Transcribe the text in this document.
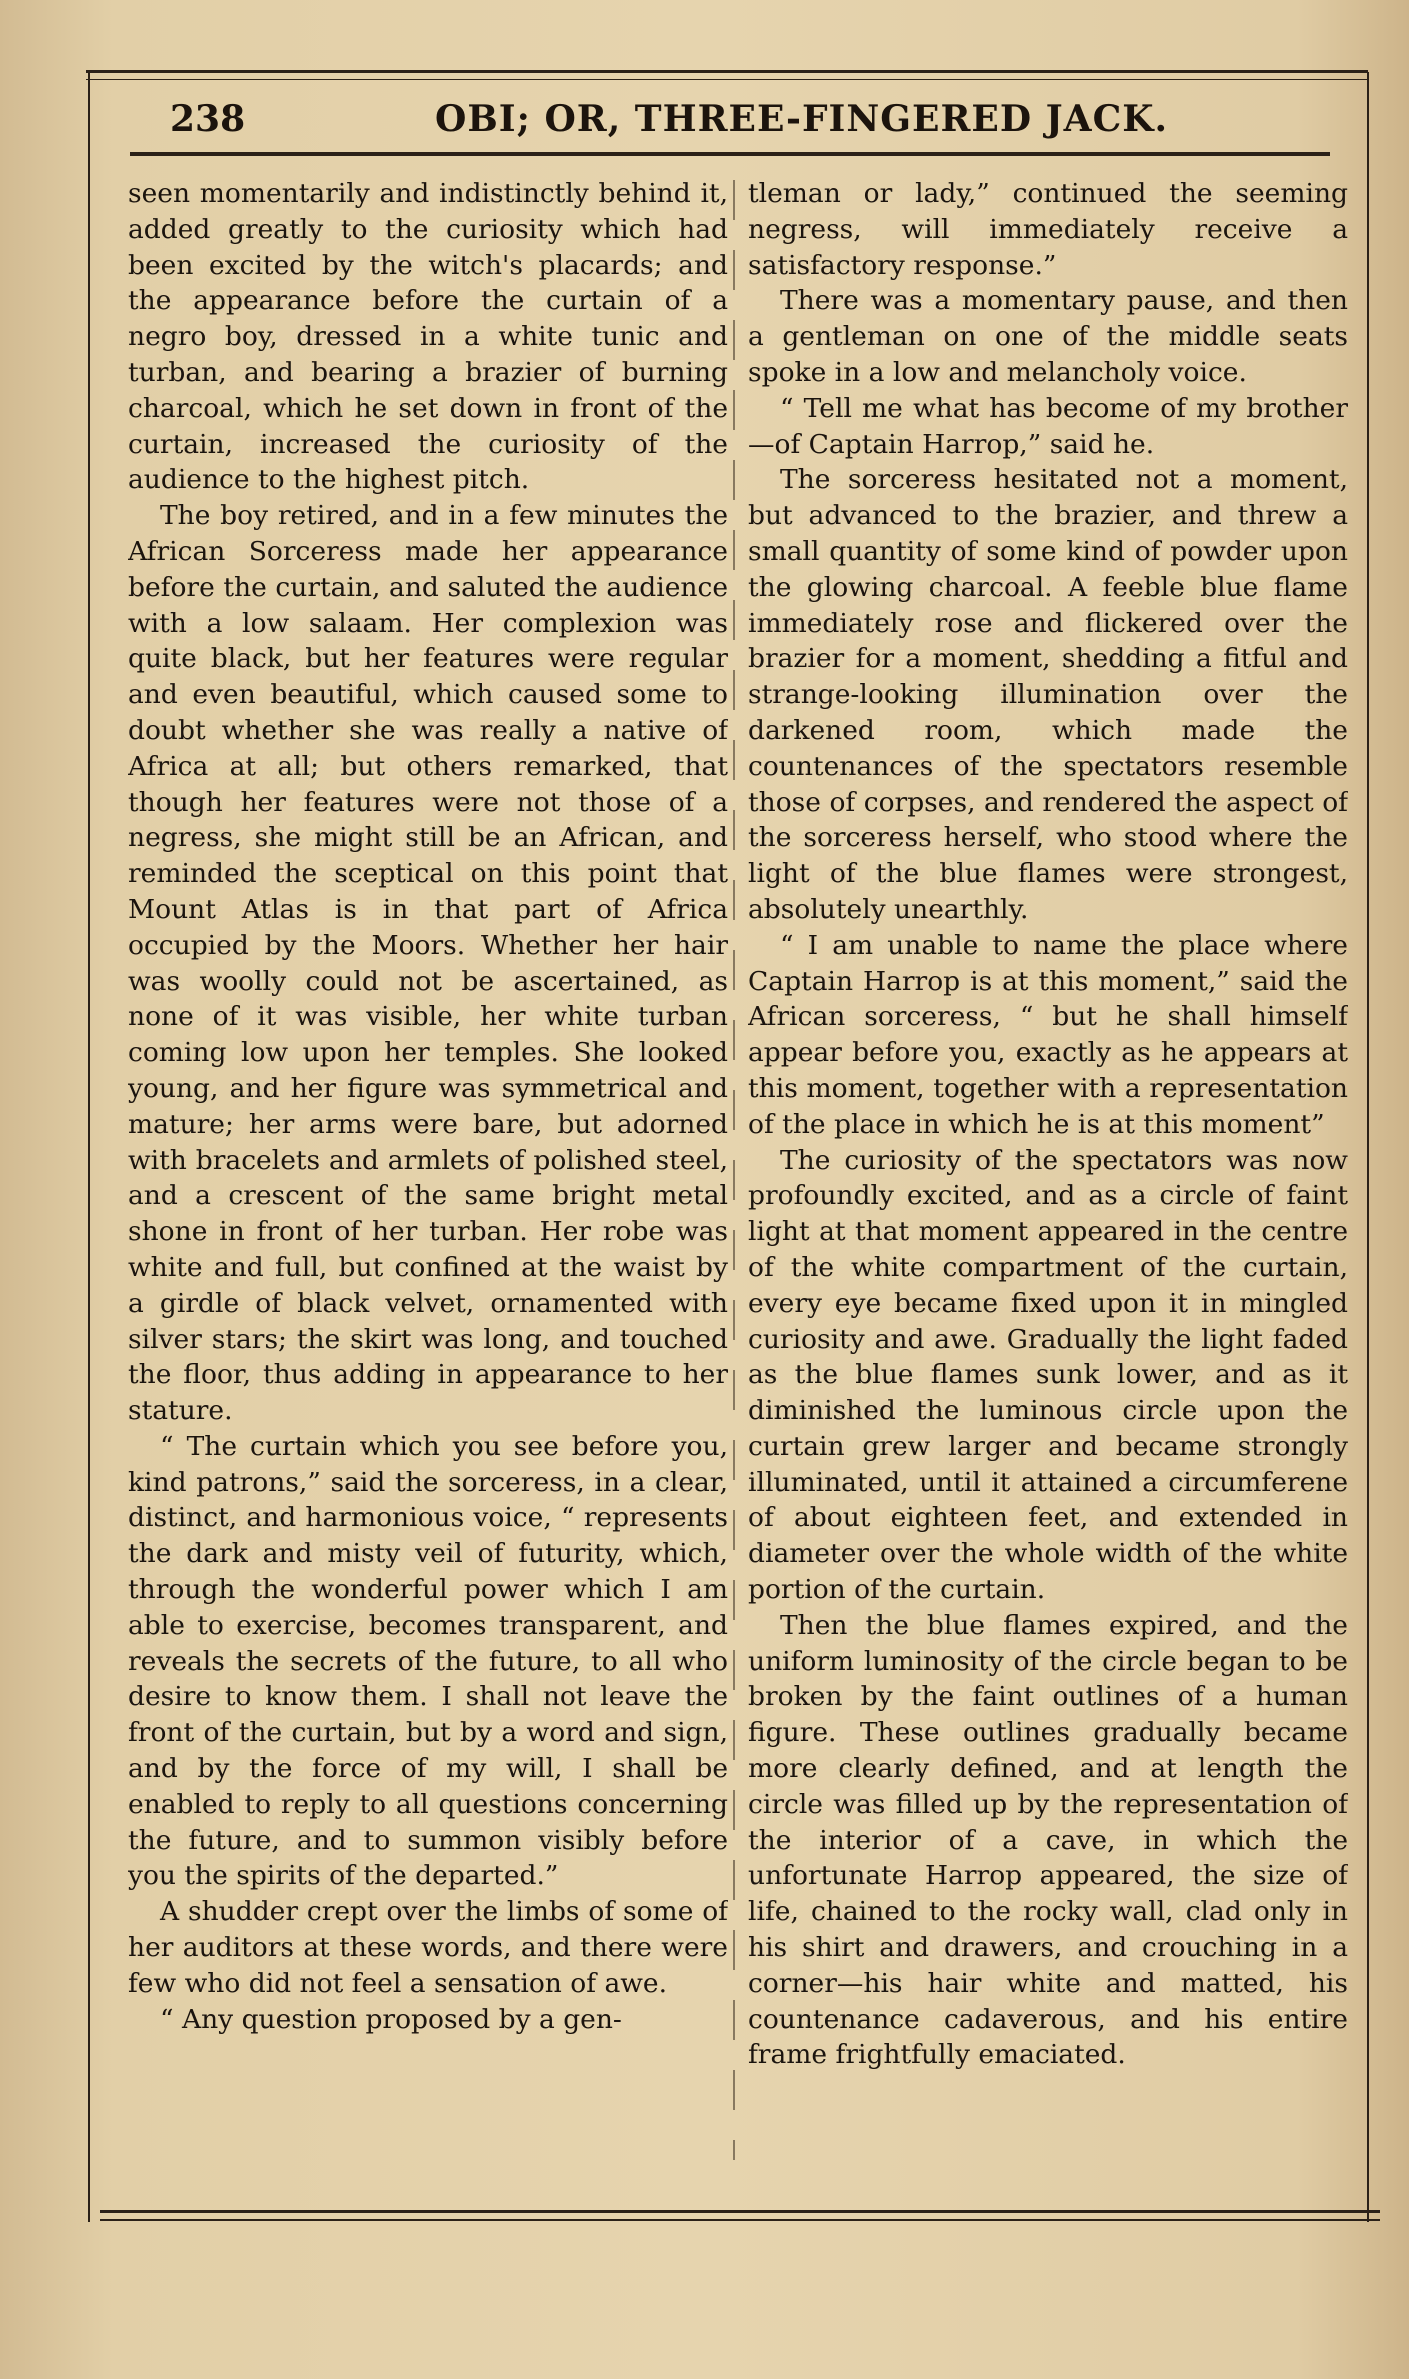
238	OBI; OR, THREE-FINGERED JACK.

seen momentarily and indistinctly behind it, added greatly to the curiosity which had been excited by the witch's placards; and the appearance before the curtain of a negro boy, dressed in a white tunic and turban, and bearing a brazier of burning charcoal, which he set down in front of the curtain, increased the curiosity of the audience to the highest pitch.

The boy retired, and in a few minutes the African Sorceress made her appearance before the curtain, and saluted the audience with a low salaam. Her complexion was quite black, but her features were regular and even beautiful, which caused some to doubt whether she was really a native of Africa at all; but others remarked, that though her features were not those of a negress, she might still be an African, and reminded the sceptical on this point that Mount Atlas is in that part of Africa occupied by the Moors. Whether her hair was woolly could not be ascertained, as none of it was visible, her white turban coming low upon her temples. She looked young, and her figure was symmetrical and mature; her arms were bare, but adorned with bracelets and armlets of polished steel, and a crescent of the same bright metal shone in front of her turban. Her robe was white and full, but confined at the waist by a girdle of black velvet, ornamented with silver stars; the skirt was long, and touched the floor, thus adding in appearance to her stature.

“ The curtain which you see before you, kind patrons,” said the sorceress, in a clear, distinct, and harmonious voice, “ represents the dark and misty veil of futurity, which, through the wonderful power which I am able to exercise, becomes transparent, and reveals the secrets of the future, to all who desire to know them. I shall not leave the front of the curtain, but by a word and sign, and by the force of my will, I shall be enabled to reply to all questions concerning the future, and to summon visibly before you the spirits of the departed.”

A shudder crept over the limbs of some of her auditors at these words, and there were few who did not feel a sensation of awe.

“ Any question proposed by a gen-

tleman or lady,” continued the seeming negress, will immediately receive a satisfactory response.”

There was a momentary pause, and then a gentleman on one of the middle seats spoke in a low and melancholy voice.

“ Tell me what has become of my brother—of Captain Harrop,” said he.

The sorceress hesitated not a moment, but advanced to the brazier, and threw a small quantity of some kind of powder upon the glowing charcoal. A feeble blue flame immediately rose and flickered over the brazier for a moment, shedding a fitful and strange-looking illumination over the darkened room, which made the countenances of the spectators resemble those of corpses, and rendered the aspect of the sorceress herself, who stood where the light of the blue flames were strongest, absolutely unearthly.

“ I am unable to name the place where Captain Harrop is at this moment,” said the African sorceress, “ but he shall himself appear before you, exactly as he appears at this moment, together with a representation of the place in which he is at this moment”

The curiosity of the spectators was now profoundly excited, and as a circle of faint light at that moment appeared in the centre of the white compartment of the curtain, every eye became fixed upon it in mingled curiosity and awe. Gradually the light faded as the blue flames sunk lower, and as it diminished the luminous circle upon the curtain grew larger and became strongly illuminated, until it attained a circumferene of about eighteen feet, and extended in diameter over the whole width of the white portion of the curtain.

Then the blue flames expired, and the uniform luminosity of the circle began to be broken by the faint outlines of a human figure. These outlines gradually became more clearly defined, and at length the circle was filled up by the representation of the interior of a cave, in which the unfortunate Harrop appeared, the size of life, chained to the rocky wall, clad only in his shirt and drawers, and crouching in a corner—his hair white and matted, his countenance cadaverous, and his entire frame frightfully emaciated.
